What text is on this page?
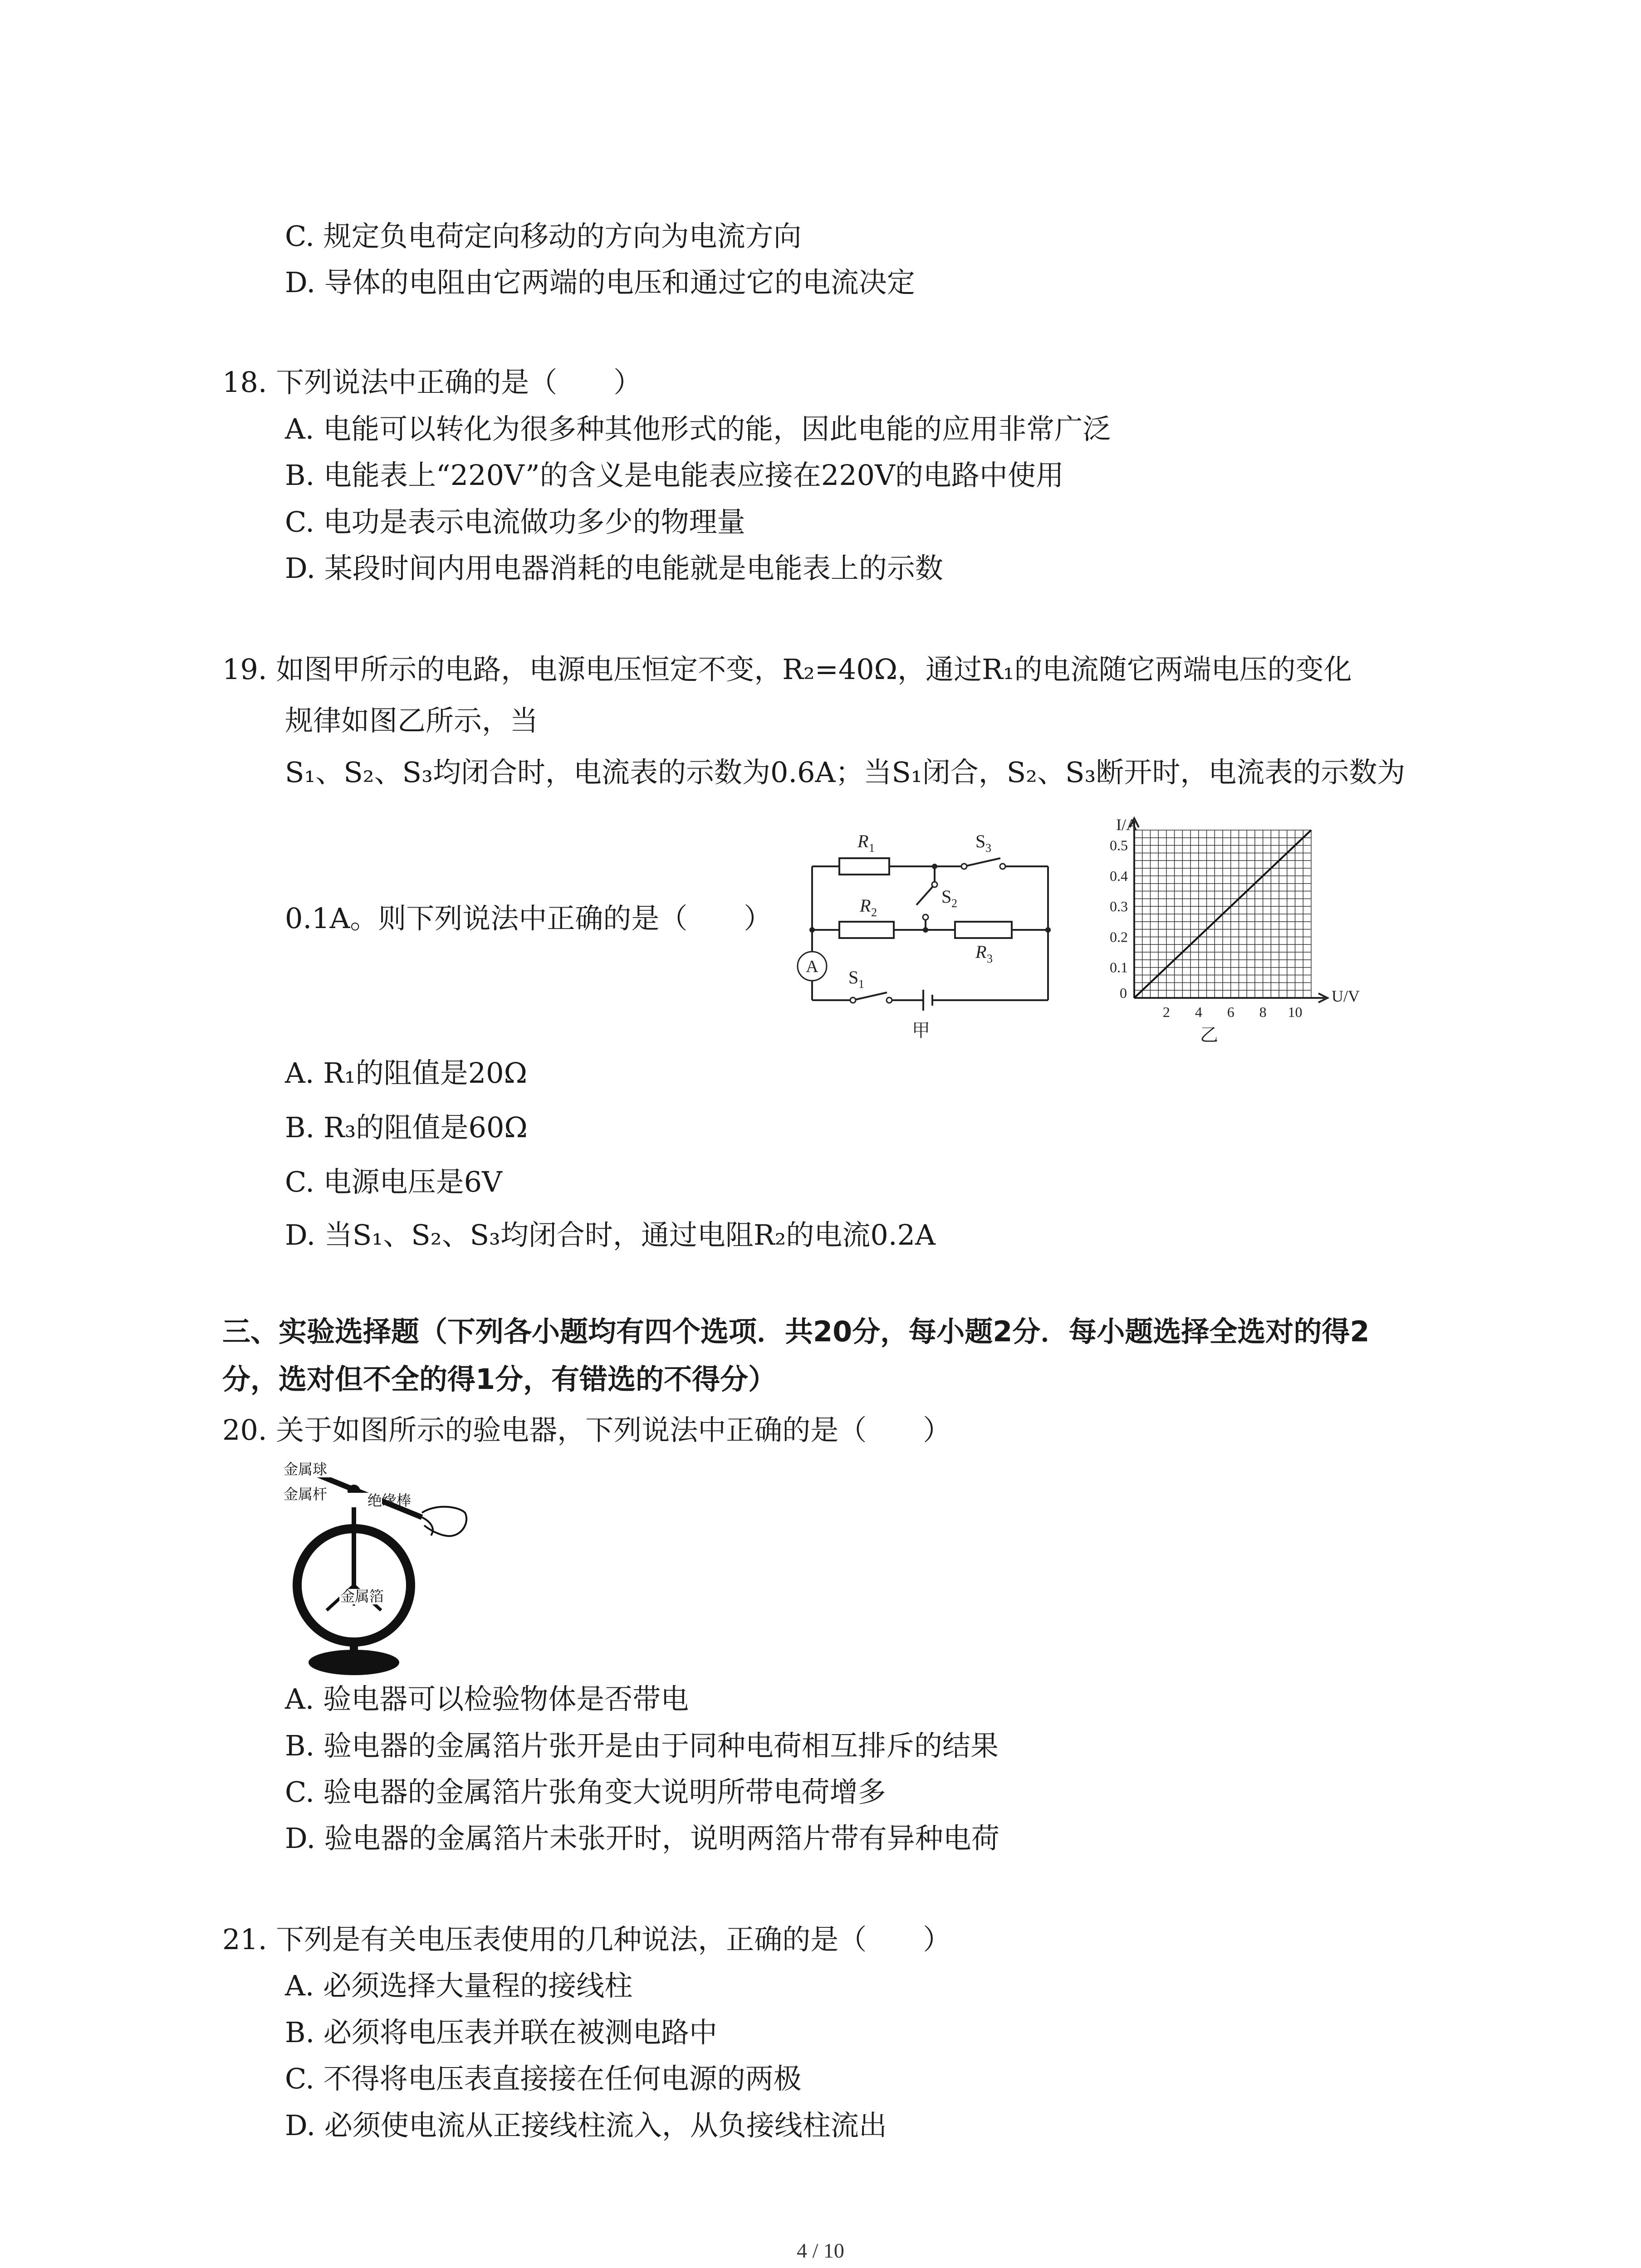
C. 规定负电荷定向移动的方向为电流方向
D. 导体的电阻由它两端的电压和通过它的电流决定
18. 下列说法中正确的是（　　）
A. 电能可以转化为很多种其他形式的能，因此电能的应用非常广泛
B. 电能表上“220V”的含义是电能表应接在220V的电路中使用
C. 电功是表示电流做功多少的物理量
D. 某段时间内用电器消耗的电能就是电能表上的示数
19. 如图甲所示的电路，电源电压恒定不变，R₂=40Ω，通过R₁的电流随它两端电压的变化
规律如图乙所示，当
S₁、S₂、S₃均闭合时，电流表的示数为0.6A；当S₁闭合，S₂、S₃断开时，电流表的示数为
0.1A。则下列说法中正确的是（　　）
A
R 1
R 2
R 3
S 3
S 2
S 1
甲
2 4 6 8 10
0.1
0.2
0.3
0.4
0.5
I/A
U/V
0
乙
A. R₁的阻值是20Ω
B. R₃的阻值是60Ω
C. 电源电压是6V
D. 当S₁、S₂、S₃均闭合时，通过电阻R₂的电流0.2A
三、实验选择题（下列各小题均有四个选项．共20分，每小题2分．每小题选择全选对的得2
分，选对但不全的得1分，有错选的不得分）
20. 关于如图所示的验电器，下列说法中正确的是（　　）
金属球
金属杆	绝缘棒
金属箔
A. 验电器可以检验物体是否带电
B. 验电器的金属箔片张开是由于同种电荷相互排斥的结果
C. 验电器的金属箔片张角变大说明所带电荷增多
D. 验电器的金属箔片未张开时，说明两箔片带有异种电荷
21. 下列是有关电压表使用的几种说法，正确的是（　　）
A. 必须选择大量程的接线柱
B. 必须将电压表并联在被测电路中
C. 不得将电压表直接接在任何电源的两极
D. 必须使电流从正接线柱流入，从负接线柱流出
4 / 10
